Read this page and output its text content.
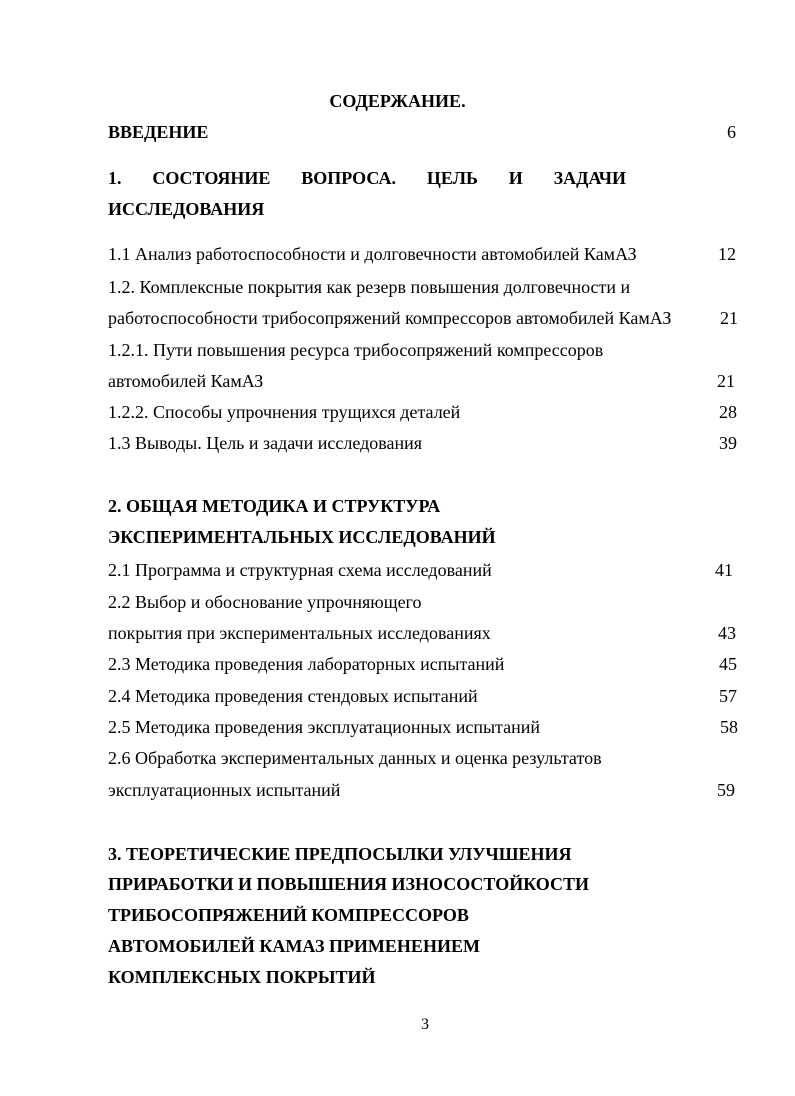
СОДЕРЖАНИЕ.
ВВЕДЕНИЕ	6
1. СОСТОЯНИЕ ВОПРОСА. ЦЕЛЬ И ЗАДАЧИ
ИССЛЕДОВАНИЯ
1.1 Анализ работоспособности и долговечности автомобилей КамАЗ	12
1.2. Комплексные покрытия как резерв повышения долговечности и
работоспособности трибосопряжений компрессоров автомобилей КамАЗ	21
1.2.1. Пути повышения ресурса трибосопряжений компрессоров
автомобилей КамАЗ	21
1.2.2. Способы упрочнения трущихся деталей	28
1.3 Выводы. Цель и задачи исследования	39
2. ОБЩАЯ МЕТОДИКА И СТРУКТУРА
ЭКСПЕРИМЕНТАЛЬНЫХ ИССЛЕДОВАНИЙ
2.1 Программа и структурная схема исследований	41
2.2 Выбор и обоснование упрочняющего
покрытия при экспериментальных исследованиях	43
2.3 Методика проведения лабораторных испытаний	45
2.4 Методика проведения стендовых испытаний	57
2.5 Методика проведения эксплуатационных испытаний	58
2.6 Обработка экспериментальных данных и оценка результатов
эксплуатационных испытаний	59
3. ТЕОРЕТИЧЕСКИЕ ПРЕДПОСЫЛКИ УЛУЧШЕНИЯ
ПРИРАБОТКИ И ПОВЫШЕНИЯ ИЗНОСОСТОЙКОСТИ
ТРИБОСОПРЯЖЕНИЙ КОМПРЕССОРОВ
АВТОМОБИЛЕЙ КАМАЗ ПРИМЕНЕНИЕМ
КОМПЛЕКСНЫХ ПОКРЫТИЙ
3
